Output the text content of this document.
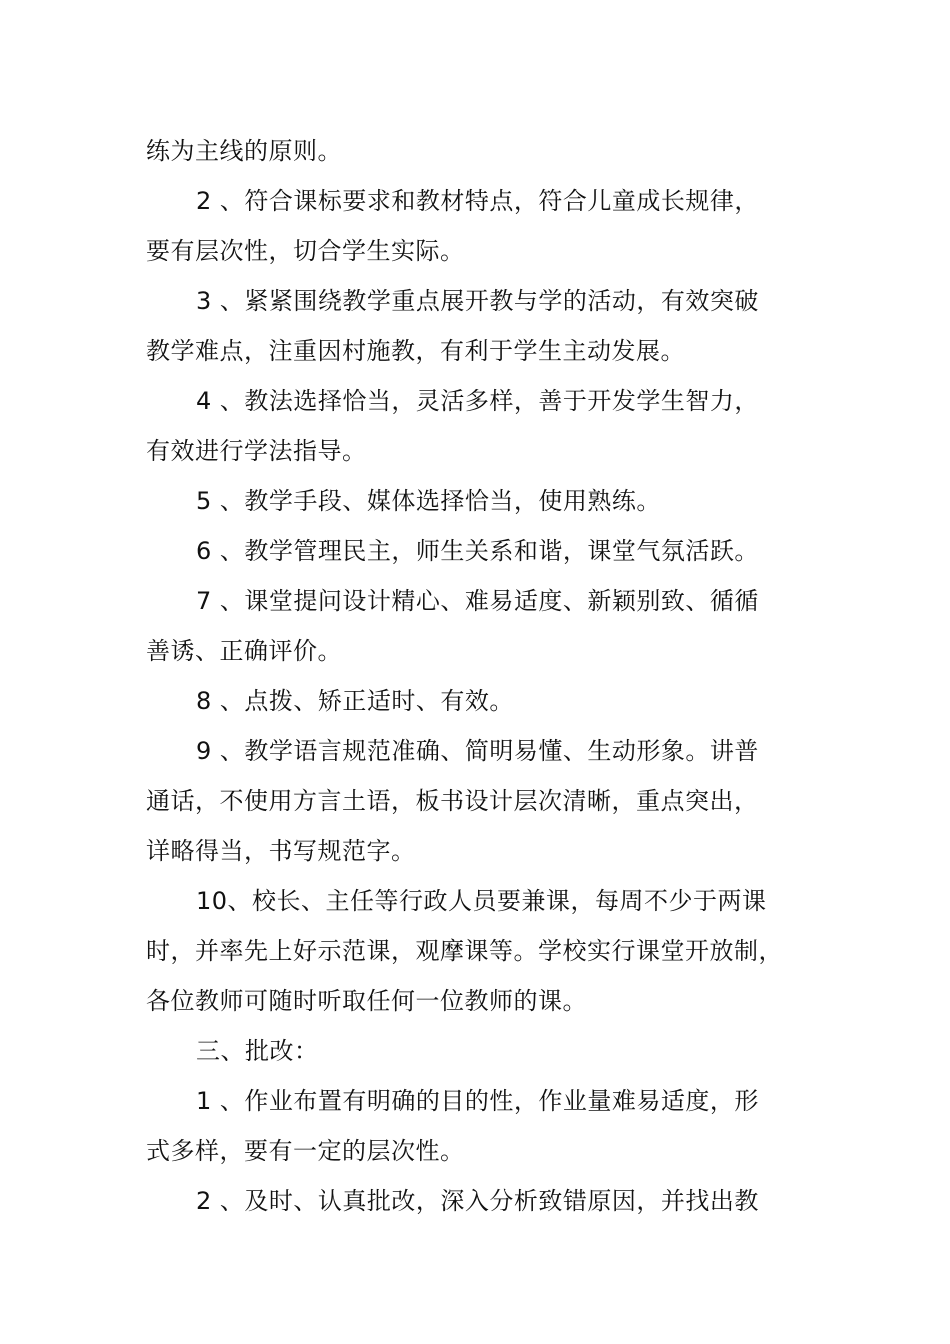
练为主线的原则。
2 、符合课标要求和教材特点，符合儿童成长规律，
要有层次性，切合学生实际。
3 、紧紧围绕教学重点展开教与学的活动，有效突破
教学难点，注重因村施教，有利于学生主动发展。
4 、教法选择恰当，灵活多样，善于开发学生智力，
有效进行学法指导。
5 、教学手段、媒体选择恰当，使用熟练。
6 、教学管理民主，师生关系和谐，课堂气氛活跃。
7 、课堂提问设计精心、难易适度、新颖别致、循循
善诱、正确评价。
8 、点拨、矫正适时、有效。
9 、教学语言规范准确、简明易懂、生动形象。讲普
通话，不使用方言土语，板书设计层次清晰，重点突出，
详略得当，书写规范字。
10、校长、主任等行政人员要兼课，每周不少于两课
时，并率先上好示范课，观摩课等。学校实行课堂开放制，
各位教师可随时听取任何一位教师的课。
三、批改：
1 、作业布置有明确的目的性，作业量难易适度，形
式多样，要有一定的层次性。
2 、及时、认真批改，深入分析致错原因，并找出教
